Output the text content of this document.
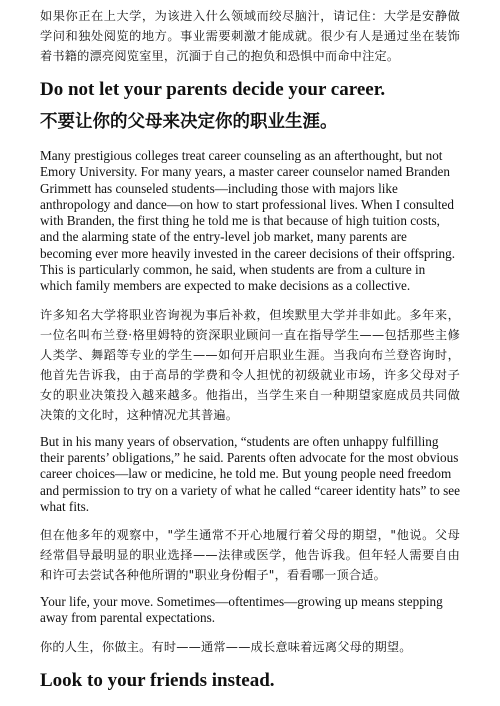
如果你正在上大学，为该进入什么领域而绞尽脑汁，请记住：大学是安静做学问和独处阅览的地方。事业需要刺激才能成就。很少有人是通过坐在装饰着书籍的漂亮阅览室里，沉湎于自己的抱负和恐惧中而命中注定。

Do not let your parents decide your career.
不要让你的父母来决定你的职业生涯。

Many prestigious colleges treat career counseling as an afterthought, but not Emory University. For many years, a master career counselor named Branden Grimmett has counseled students—including those with majors like anthropology and dance—on how to start professional lives. When I consulted with Branden, the first thing he told me is that because of high tuition costs, and the alarming state of the entry-level job market, many parents are becoming ever more heavily invested in the career decisions of their offspring. This is particularly common, he said, when students are from a culture in which family members are expected to make decisions as a collective.

许多知名大学将职业咨询视为事后补救，但埃默里大学并非如此。多年来，一位名叫布兰登·格里姆特的资深职业顾问一直在指导学生——包括那些主修人类学、舞蹈等专业的学生——如何开启职业生涯。当我向布兰登咨询时，他首先告诉我，由于高昂的学费和令人担忧的初级就业市场，许多父母对子女的职业决策投入越来越多。他指出，当学生来自一种期望家庭成员共同做决策的文化时，这种情况尤其普遍。

But in his many years of observation, “students are often unhappy fulfilling their parents’ obligations,” he said. Parents often advocate for the most obvious career choices—law or medicine, he told me. But young people need freedom and permission to try on a variety of what he called “career identity hats” to see what fits.

但在他多年的观察中，"学生通常不开心地履行着父母的期望，"他说。父母经常倡导最明显的职业选择——法律或医学，他告诉我。但年轻人需要自由和许可去尝试各种他所谓的"职业身份帽子"，看看哪一顶合适。

Your life, your move. Sometimes—oftentimes—growing up means stepping away from parental expectations.

你的人生，你做主。有时——通常——成长意味着远离父母的期望。

Look to your friends instead.
